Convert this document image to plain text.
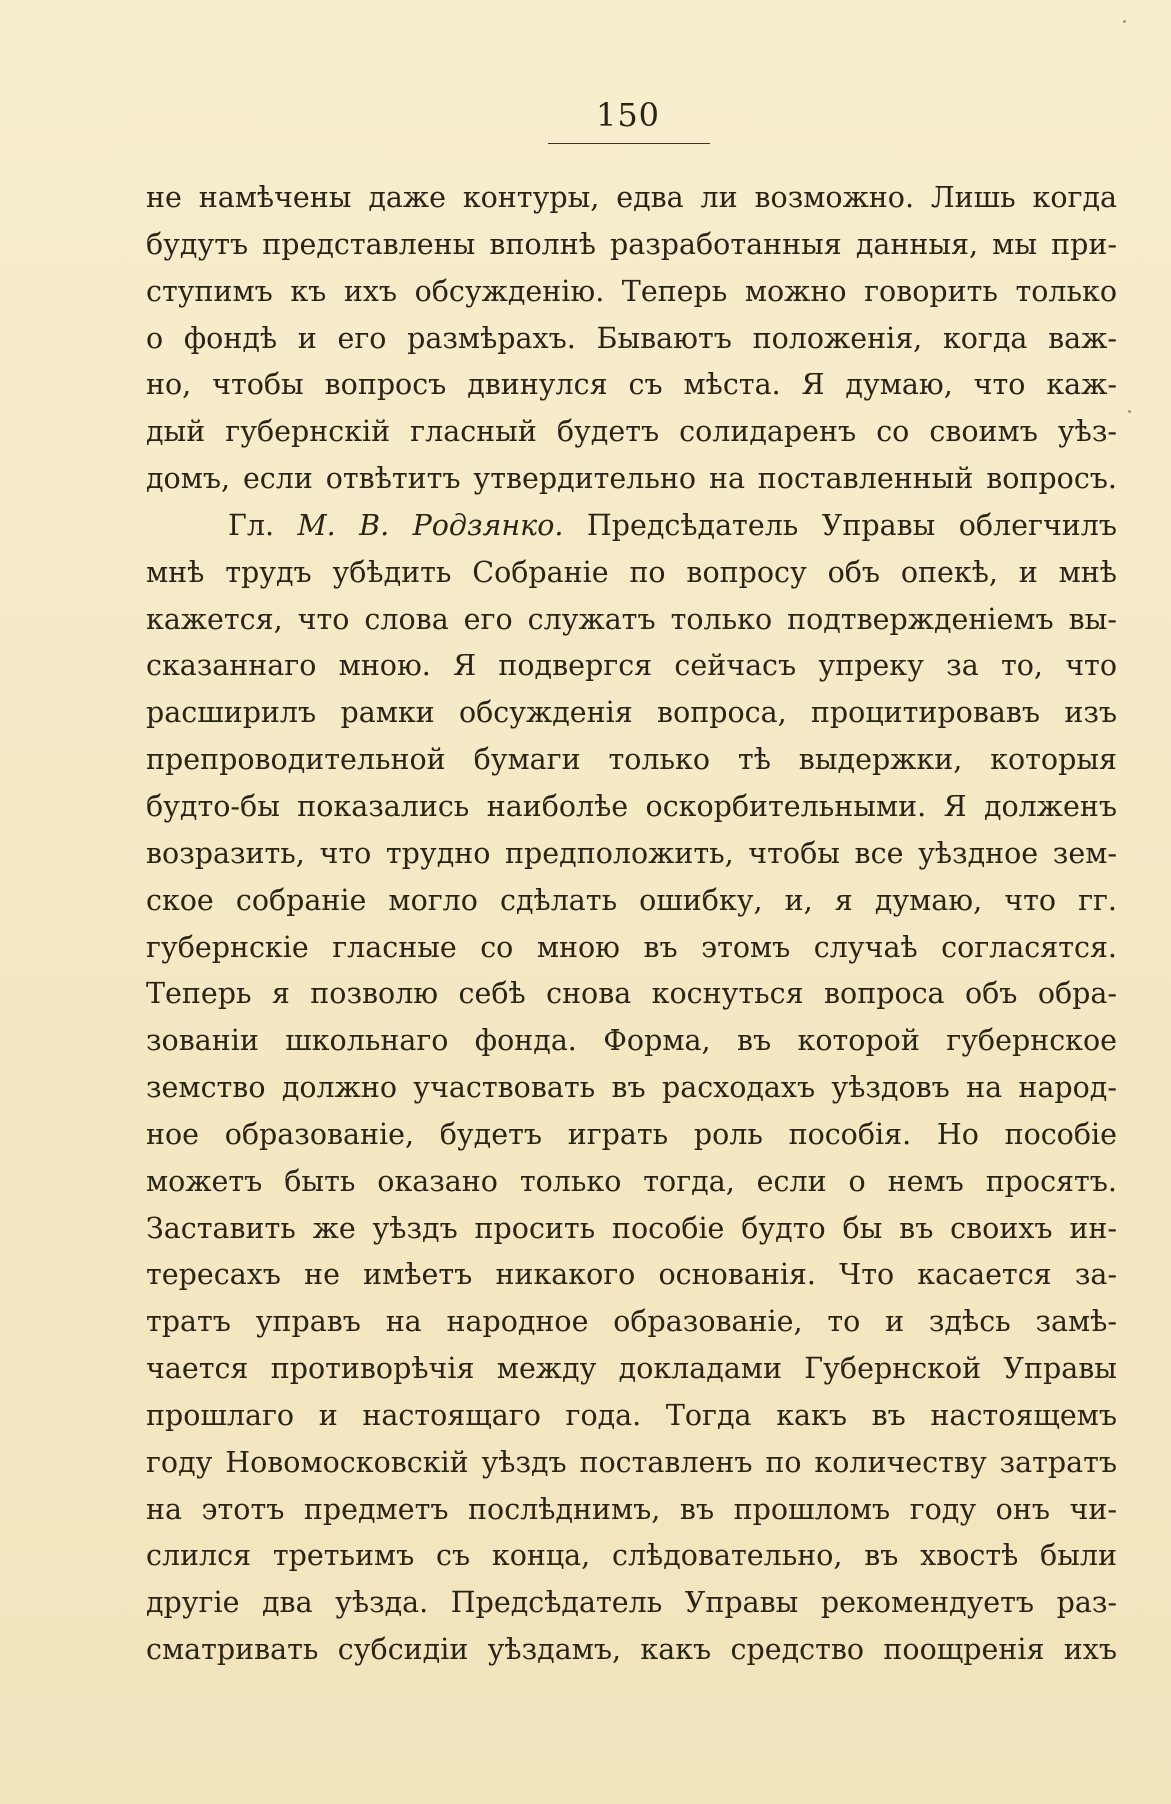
150
не намѣчены даже контуры, едва ли возможно. Лишь когда
будутъ представлены вполнѣ разработанныя данныя, мы при-
ступимъ къ ихъ обсужденію. Теперь можно говорить только
о фондѣ и его размѣрахъ. Бываютъ положенія, когда важ-
но, чтобы вопросъ двинулся съ мѣста. Я думаю, что каж-
дый губернскій гласный будетъ солидаренъ со своимъ уѣз-
домъ, если отвѣтитъ утвердительно на поставленный вопросъ.
Гл. М. В. Родзянко. Предсѣдатель Управы облегчилъ
мнѣ трудъ убѣдить Собраніе по вопросу объ опекѣ, и мнѣ
кажется, что слова его служатъ только подтвержденіемъ вы-
сказаннаго мною. Я подвергся сейчасъ упреку за то, что
расширилъ рамки обсужденія вопроса, процитировавъ изъ
препроводительной бумаги только тѣ выдержки, которыя
будто-бы показались наиболѣе оскорбительными. Я долженъ
возразить, что трудно предположить, чтобы все уѣздное зем-
ское собраніе могло сдѣлать ошибку, и, я думаю, что гг.
губернскіе гласные со мною въ этомъ случаѣ согласятся.
Теперь я позволю себѣ снова коснуться вопроса объ обра-
зованіи школьнаго фонда. Форма, въ которой губернское
земство должно участвовать въ расходахъ уѣздовъ на народ-
ное образованіе, будетъ играть роль пособія. Но пособіе
можетъ быть оказано только тогда, если о немъ просятъ.
Заставить же уѣздъ просить пособіе будто бы въ своихъ ин-
тересахъ не имѣетъ никакого основанія. Что касается за-
тратъ управъ на народное образованіе, то и здѣсь замѣ-
чается противорѣчія между докладами Губернской Управы
прошлаго и настоящаго года. Тогда какъ въ настоящемъ
году Новомосковскій уѣздъ поставленъ по количеству затратъ
на этотъ предметъ послѣднимъ, въ прошломъ году онъ чи-
слился третьимъ съ конца, слѣдовательно, въ хвостѣ были
другіе два уѣзда. Предсѣдатель Управы рекомендуетъ раз-
сматривать субсидіи уѣздамъ, какъ средство поощренія ихъ
